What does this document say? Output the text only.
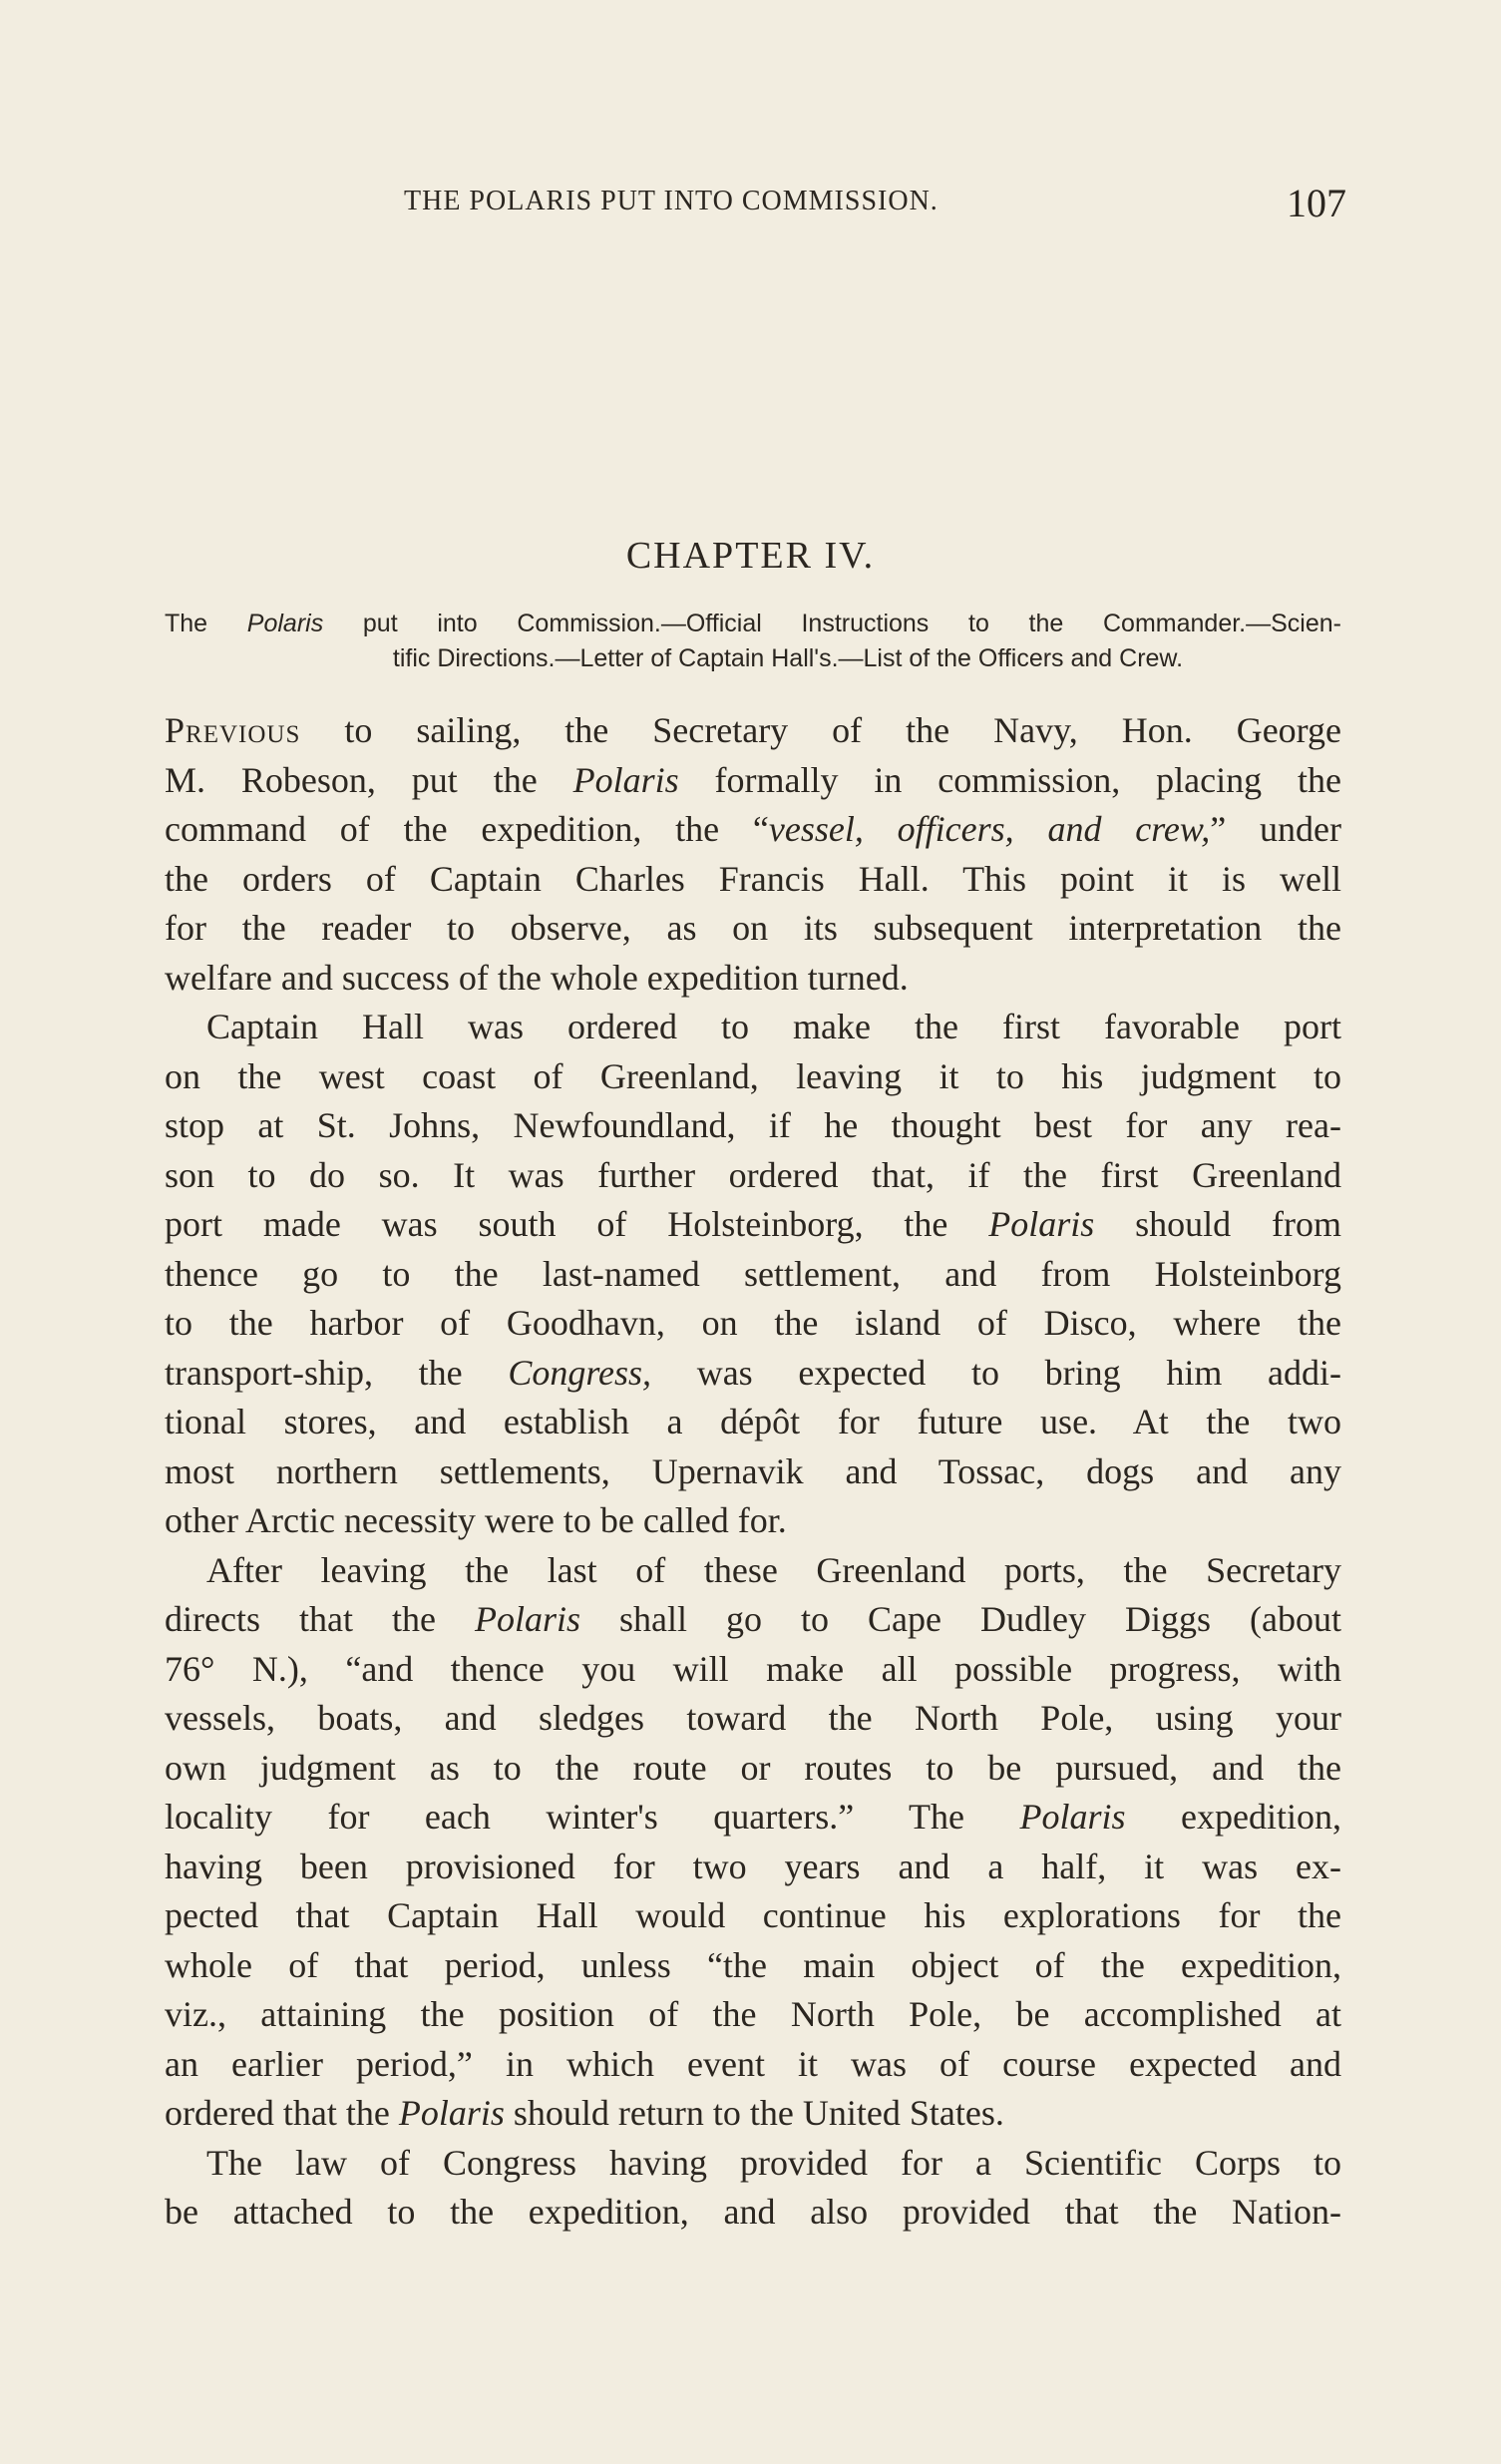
THE POLARIS PUT INTO COMMISSION.	107
CHAPTER IV.
The Polaris put into Commission.—Official Instructions to the Commander.—Scien-
tific Directions.—Letter of Captain Hall's.—List of the Officers and Crew.
Previous to sailing, the Secretary of the Navy, Hon. George
M. Robeson, put the Polaris formally in commission, placing the
command of the expedition, the “vessel, officers, and crew,” under
the orders of Captain Charles Francis Hall. This point it is well
for the reader to observe, as on its subsequent interpretation the
welfare and success of the whole expedition turned.
Captain Hall was ordered to make the first favorable port
on the west coast of Greenland, leaving it to his judgment to
stop at St. Johns, Newfoundland, if he thought best for any rea-
son to do so. It was further ordered that, if the first Greenland
port made was south of Holsteinborg, the Polaris should from
thence go to the last-named settlement, and from Holsteinborg
to the harbor of Goodhavn, on the island of Disco, where the
transport-ship, the Congress, was expected to bring him addi-
tional stores, and establish a dépôt for future use. At the two
most northern settlements, Upernavik and Tossac, dogs and any
other Arctic necessity were to be called for.
After leaving the last of these Greenland ports, the Secretary
directs that the Polaris shall go to Cape Dudley Diggs (about
76° N.), “and thence you will make all possible progress, with
vessels, boats, and sledges toward the North Pole, using your
own judgment as to the route or routes to be pursued, and the
locality for each winter's quarters.” The Polaris expedition,
having been provisioned for two years and a half, it was ex-
pected that Captain Hall would continue his explorations for the
whole of that period, unless “the main object of the expedition,
viz., attaining the position of the North Pole, be accomplished at
an earlier period,” in which event it was of course expected and
ordered that the Polaris should return to the United States.
The law of Congress having provided for a Scientific Corps to
be attached to the expedition, and also provided that the Nation-
